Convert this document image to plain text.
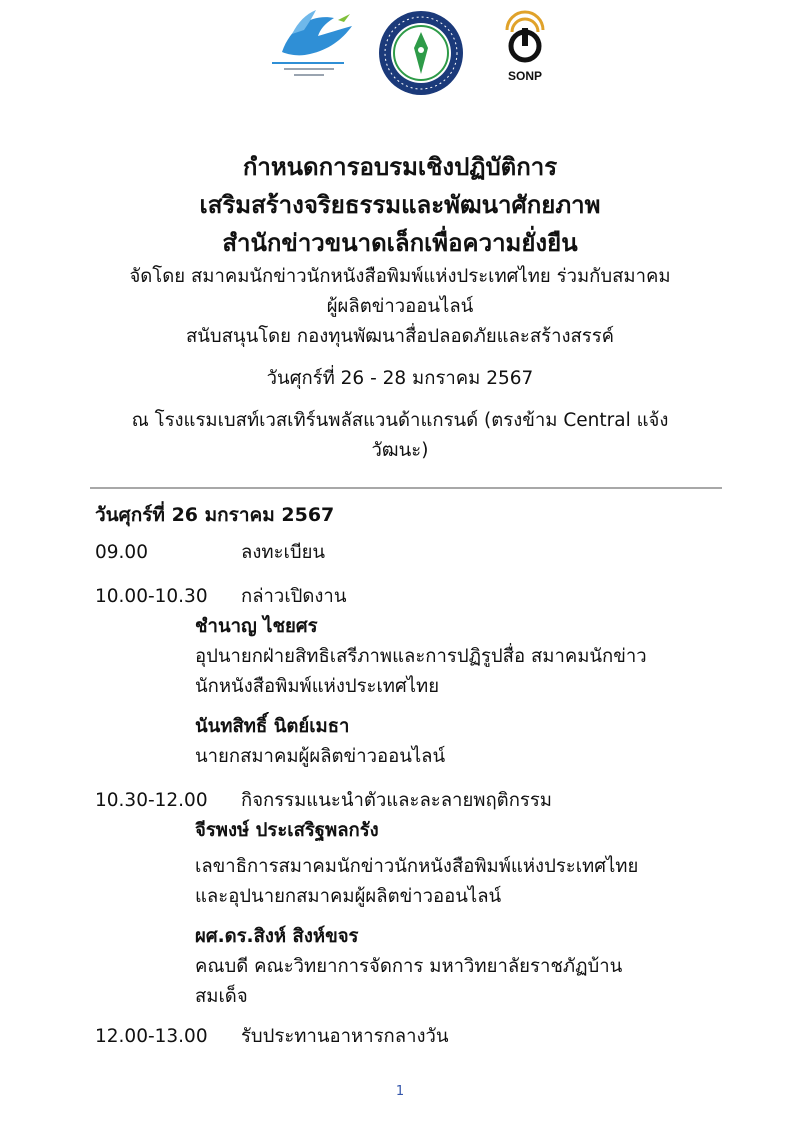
SONP

กำหนดการอบรมเชิงปฏิบัติการ

เสริมสร้างจริยธรรมและพัฒนาศักยภาพ

สำนักข่าวขนาดเล็กเพื่อความยั่งยืน

จัดโดย สมาคมนักข่าวนักหนังสือพิมพ์แห่งประเทศไทย ร่วมกับสมาคม

ผู้ผลิตข่าวออนไลน์

สนับสนุนโดย กองทุนพัฒนาสื่อปลอดภัยและสร้างสรรค์

วันศุกร์ที่ 26 - 28 มกราคม 2567

ณ โรงแรมเบสท์เวสเทิร์นพลัสแวนด้าแกรนด์ (ตรงข้าม Central แจ้ง

วัฒนะ)

วันศุกร์ที่ 26 มกราคม 2567
09.00	ลงทะเบียน
10.00-10.30	กล่าวเปิดงาน
ชำนาญ ไชยศร
อุปนายกฝ่ายสิทธิเสรีภาพและการปฏิรูปสื่อ สมาคมนักข่าว
นักหนังสือพิมพ์แห่งประเทศไทย
นันทสิทธิ์ นิตย์เมธา
นายกสมาคมผู้ผลิตข่าวออนไลน์
10.30-12.00	กิจกรรมแนะนำตัวและละลายพฤติกรรม
จีรพงษ์ ประเสริฐพลกรัง
เลขาธิการสมาคมนักข่าวนักหนังสือพิมพ์แห่งประเทศไทย
และอุปนายกสมาคมผู้ผลิตข่าวออนไลน์
ผศ.ดร.สิงห์ สิงห์ขจร
คณบดี คณะวิทยาการจัดการ มหาวิทยาลัยราชภัฏบ้าน
สมเด็จ
12.00-13.00	รับประทานอาหารกลางวัน
1
